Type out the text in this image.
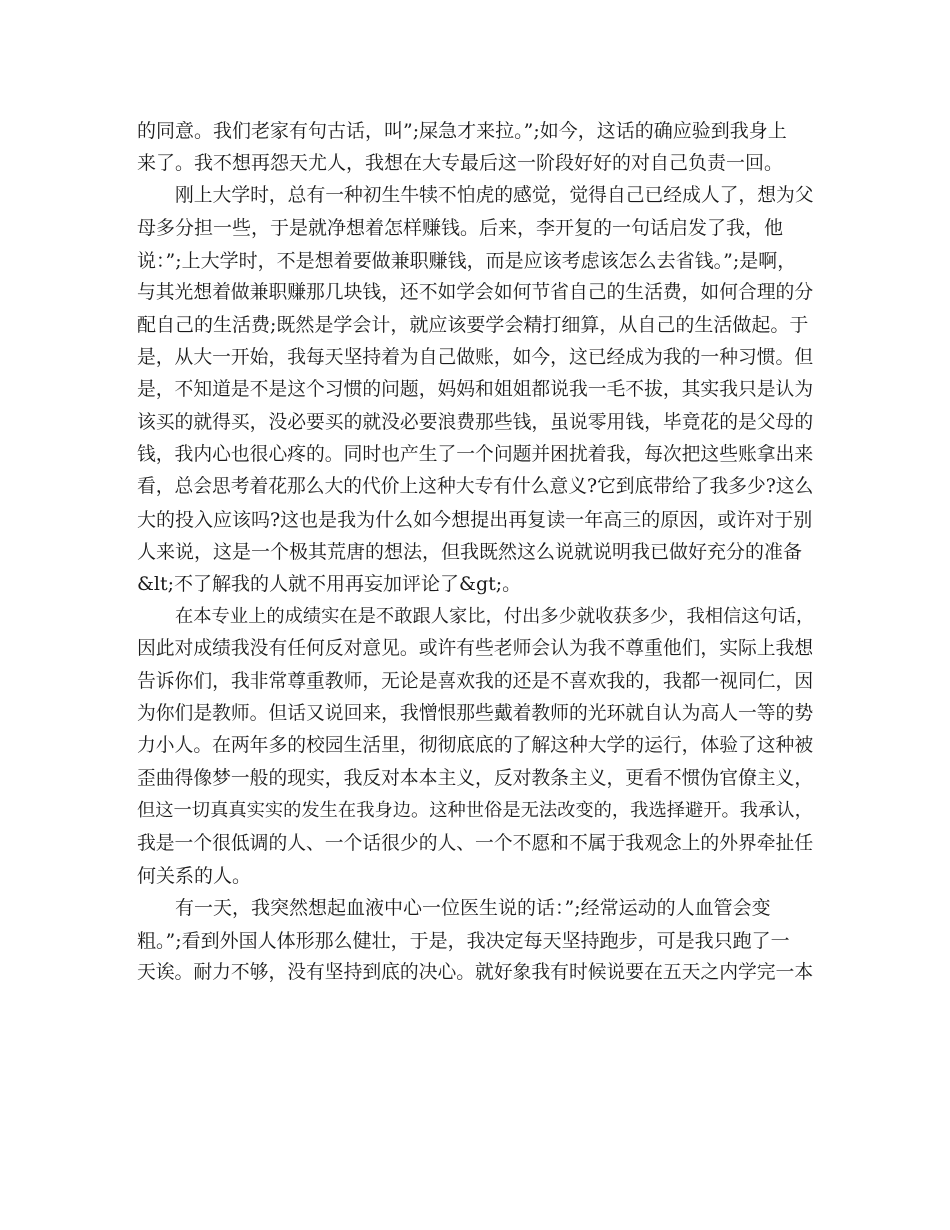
的同意。我们老家有句古话，叫”;屎急才来拉。”;如今，这话的确应验到我身上
来了。我不想再怨天尤人，我想在大专最后这一阶段好好的对自己负责一回。
刚上大学时，总有一种初生牛犊不怕虎的感觉，觉得自己已经成人了，想为父
母多分担一些，于是就净想着怎样赚钱。后来，李开复的一句话启发了我，他
说：”;上大学时，不是想着要做兼职赚钱，而是应该考虑该怎么去省钱。”;是啊，
与其光想着做兼职赚那几块钱，还不如学会如何节省自己的生活费，如何合理的分
配自己的生活费;既然是学会计，就应该要学会精打细算，从自己的生活做起。于
是，从大一开始，我每天坚持着为自己做账，如今，这已经成为我的一种习惯。但
是，不知道是不是这个习惯的问题，妈妈和姐姐都说我一毛不拔，其实我只是认为
该买的就得买，没必要买的就没必要浪费那些钱，虽说零用钱，毕竟花的是父母的
钱，我内心也很心疼的。同时也产生了一个问题并困扰着我，每次把这些账拿出来
看，总会思考着花那么大的代价上这种大专有什么意义?它到底带给了我多少?这么
大的投入应该吗?这也是我为什么如今想提出再复读一年高三的原因，或许对于别
人来说，这是一个极其荒唐的想法，但我既然这么说就说明我已做好充分的准备
&lt;不了解我的人就不用再妄加评论了&gt;。
在本专业上的成绩实在是不敢跟人家比，付出多少就收获多少，我相信这句话，
因此对成绩我没有任何反对意见。或许有些老师会认为我不尊重他们，实际上我想
告诉你们，我非常尊重教师，无论是喜欢我的还是不喜欢我的，我都一视同仁，因
为你们是教师。但话又说回来，我憎恨那些戴着教师的光环就自认为高人一等的势
力小人。在两年多的校园生活里，彻彻底底的了解这种大学的运行，体验了这种被
歪曲得像梦一般的现实，我反对本本主义，反对教条主义，更看不惯伪官僚主义，
但这一切真真实实的发生在我身边。这种世俗是无法改变的，我选择避开。我承认，
我是一个很低调的人、一个话很少的人、一个不愿和不属于我观念上的外界牵扯任
何关系的人。
有一天，我突然想起血液中心一位医生说的话：”;经常运动的人血管会变
粗。”;看到外国人体形那么健壮，于是，我决定每天坚持跑步，可是我只跑了一
天诶。耐力不够，没有坚持到底的决心。就好象我有时候说要在五天之内学完一本
